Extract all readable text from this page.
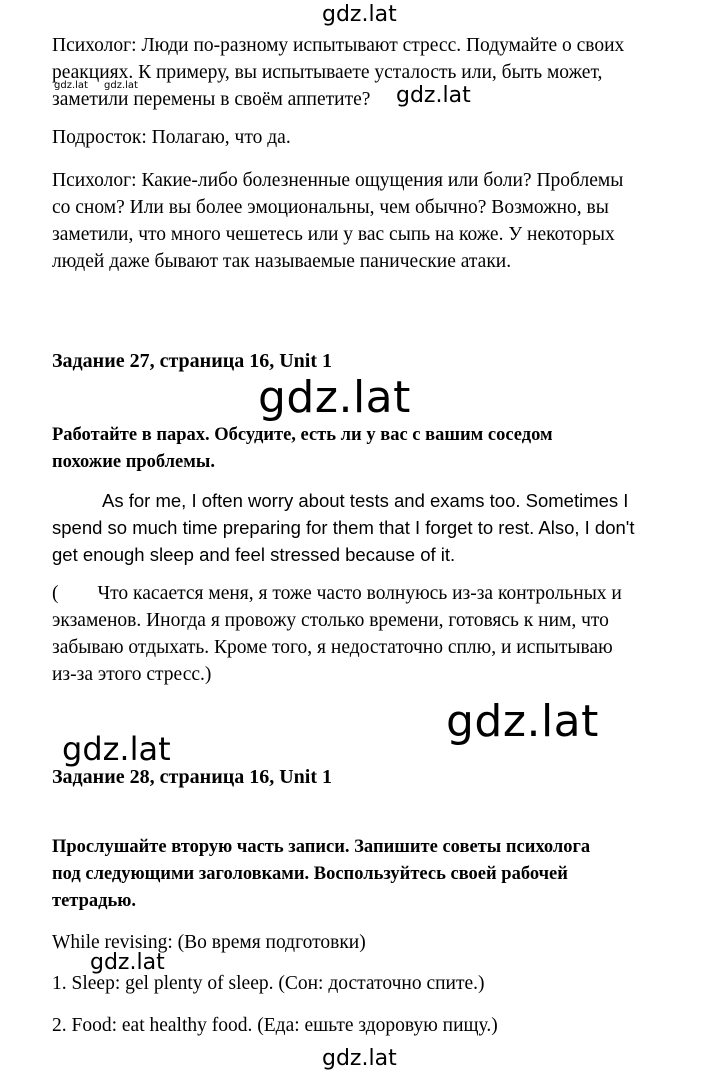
gdz.lat
gdz.lat gdz.lat	gdz.lat
gdz.lat
gdz.lat
gdz.lat
gdz.lat
gdz.lat
Психолог: Люди по-разному испытывают стресс. Подумайте о своих
реакциях. К примеру, вы испытываете усталость или, быть может,
заметили перемены в своём аппетите?
Подросток: Полагаю, что да.
Психолог: Какие-либо болезненные ощущения или боли? Проблемы
со сном? Или вы более эмоциональны, чем обычно? Возможно, вы
заметили, что много чешетесь или у вас сыпь на коже. У некоторых
людей даже бывают так называемые панические атаки.
Задание 27, страница 16, Unit 1
Работайте в парах. Обсудите, есть ли у вас с вашим соседом
похожие проблемы.
As for me, I often worry about tests and exams too. Sometimes I
spend so much time preparing for them that I forget to rest. Also, I don't
get enough sleep and feel stressed because of it.
(        Что касается меня, я тоже часто волнуюсь из-за контрольных и
экзаменов. Иногда я провожу столько времени, готовясь к ним, что
забываю отдыхать. Кроме того, я недостаточно сплю, и испытываю
из-за этого стресс.)
Задание 28, страница 16, Unit 1
Прослушайте вторую часть записи. Запишите советы психолога
под следующими заголовками. Воспользуйтесь своей рабочей
тетрадью.
While revising: (Во время подготовки)
1. Sleep: gel plenty of sleep. (Сон: достаточно спите.)
2. Food: eat healthy food. (Еда: ешьте здоровую пищу.)
